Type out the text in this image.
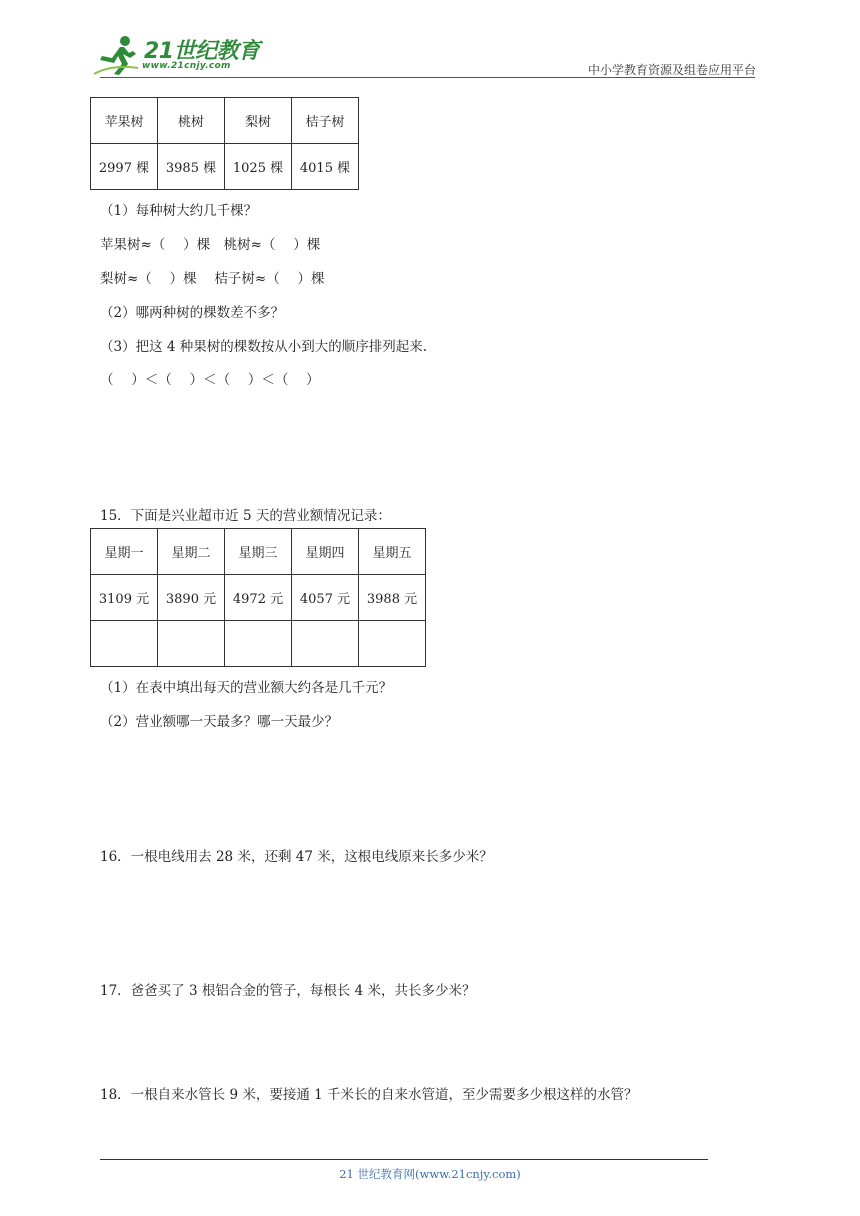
21世纪教育
www.21cnjy.com	中小学教育资源及组卷应用平台
苹果树	桃树	梨树	桔子树
2997 棵	3985 棵	1025 棵	4015 棵
（1）每种树大约几千棵？
苹果树≈（　 ）棵　桃树≈（　 ）棵
梨树≈（　 ）棵　 桔子树≈（　 ）棵
（2）哪两种树的棵数差不多？
（3）把这 4 种果树的棵数按从小到大的顺序排列起来.
（　 ）＜（　 ）＜（　 ）＜（　 ）
15．下面是兴业超市近 5 天的营业额情况记录：
星期一	星期二	星期三	星期四	星期五
3109 元	3890 元	4972 元	4057 元	3988 元

（1）在表中填出每天的营业额大约各是几千元？
（2）营业额哪一天最多？哪一天最少？
16．一根电线用去 28 米，还剩 47 米，这根电线原来长多少米？
17．爸爸买了 3 根铝合金的管子，每根长 4 米，共长多少米？
18．一根自来水管长 9 米，要接通 1 千米长的自来水管道，至少需要多少根这样的水管？
21 世纪教育网(www.21cnjy.com)
